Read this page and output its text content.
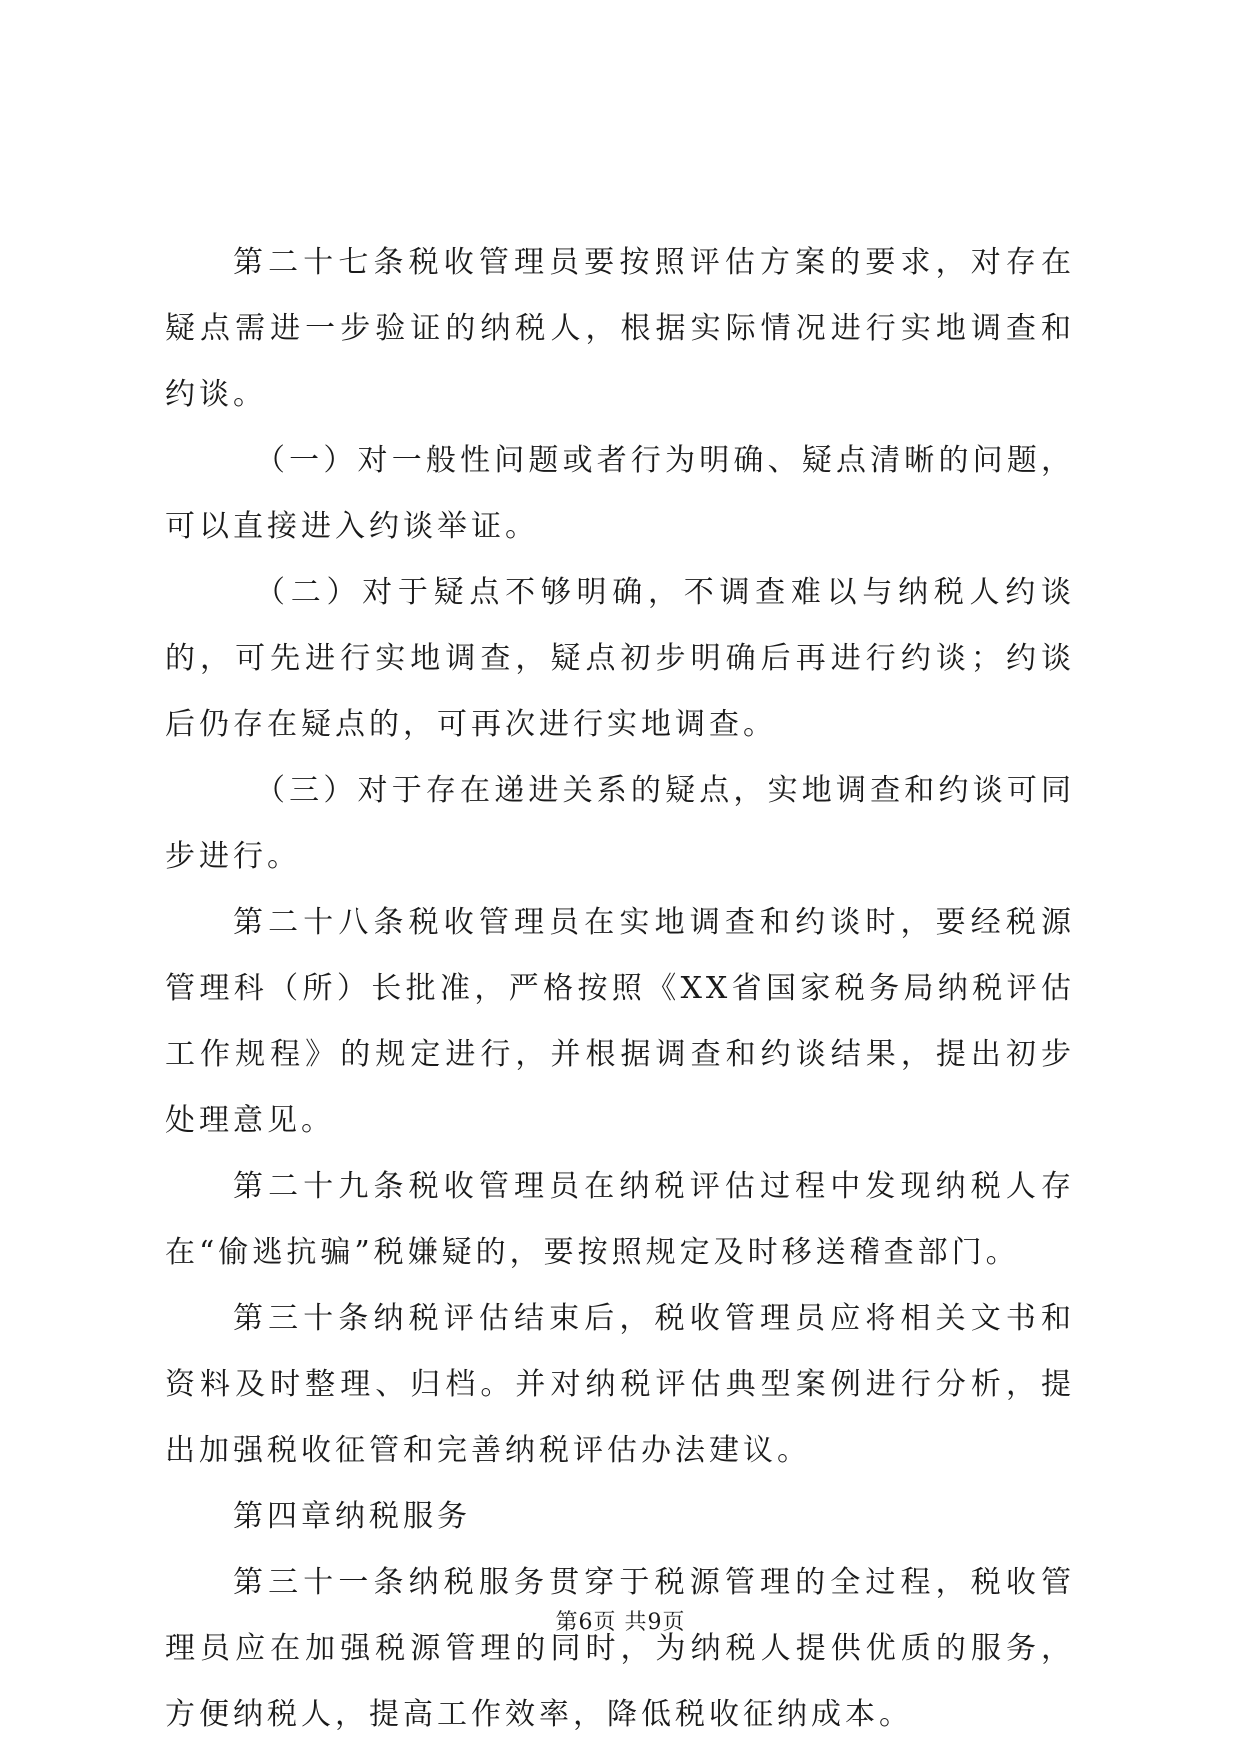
第二十七条税收管理员要按照评估方案的要求，对存在疑点需进一步验证的纳税人，根据实际情况进行实地调查和约谈。

（一）对一般性问题或者行为明确、疑点清晰的问题，可以直接进入约谈举证。

（二）对于疑点不够明确，不调查难以与纳税人约谈的，可先进行实地调查，疑点初步明确后再进行约谈；约谈后仍存在疑点的，可再次进行实地调查。

（三）对于存在递进关系的疑点，实地调查和约谈可同步进行。

第二十八条税收管理员在实地调查和约谈时，要经税源管理科（所）长批准，严格按照《XX省国家税务局纳税评估工作规程》的规定进行，并根据调查和约谈结果，提出初步处理意见。

第二十九条税收管理员在纳税评估过程中发现纳税人存在“偷逃抗骗”税嫌疑的，要按照规定及时移送稽查部门。

第三十条纳税评估结束后，税收管理员应将相关文书和资料及时整理、归档。并对纳税评估典型案例进行分析，提出加强税收征管和完善纳税评估办法建议。

第四章纳税服务

第三十一条纳税服务贯穿于税源管理的全过程，税收管理员应在加强税源管理的同时，为纳税人提供优质的服务，方便纳税人，提高工作效率，降低税收征纳成本。

第6页 共9页
